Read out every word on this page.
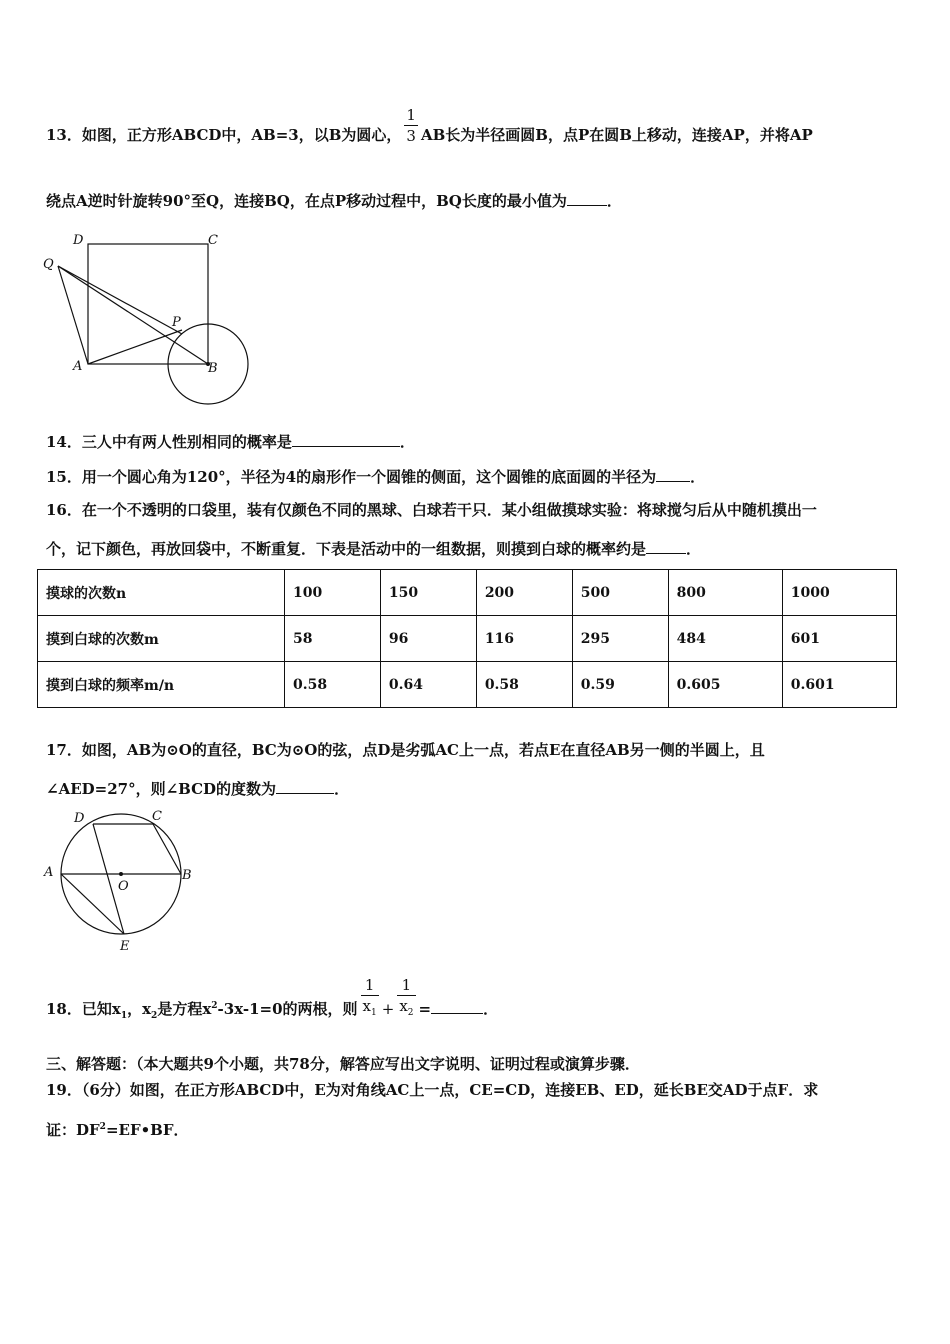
13．如图，正方形ABCD中，AB=3，以B为圆心， $\frac{1}{3}$ AB长为半径画圆B，点P在圆B上移动，连接AP，并将AP
绕点A逆时针旋转90°至Q，连接BQ，在点P移动过程中，BQ长度的最小值为	．
D	C
Q
P
A	B
14．三人中有两人性别相同的概率是	．
15．用一个圆心角为120°，半径为4的扇形作一个圆锥的侧面，这个圆锥的底面圆的半径为 ．
16．在一个不透明的口袋里，装有仅颜色不同的黑球、白球若干只．某小组做摸球实验：将球搅匀后从中随机摸出一
个，记下颜色，再放回袋中，不断重复．下表是活动中的一组数据，则摸到白球的概率约是	．
摸球的次数n	100	150	200	500	800	1000
摸到白球的次数m	58	96	116	295	484	601
摸到白球的频率m/n	0.58	0.64	0.58	0.59	0.605	0.601
17．如图，AB为⊙O的直径，BC为⊙O的弦，点D是劣弧AC上一点，若点E在直径AB另一侧的半圆上，且
∠AED=27°，则∠BCD的度数为	．
D	C
A
O
B
E
18．已知$x_1$，$x_2$是方程$x^2-3x-1=0$的两根，则 $\frac{1}{x_1} + \frac{1}{x_2}$ =	．
三、解答题：（本大题共9个小题，共78分，解答应写出文字说明、证明过程或演算步骤．
19．（6分）如图，在正方形ABCD中，E为对角线AC上一点，CE=CD，连接EB、ED，延长BE交AD于点F．求
证：$DF^2=EF•BF$．
